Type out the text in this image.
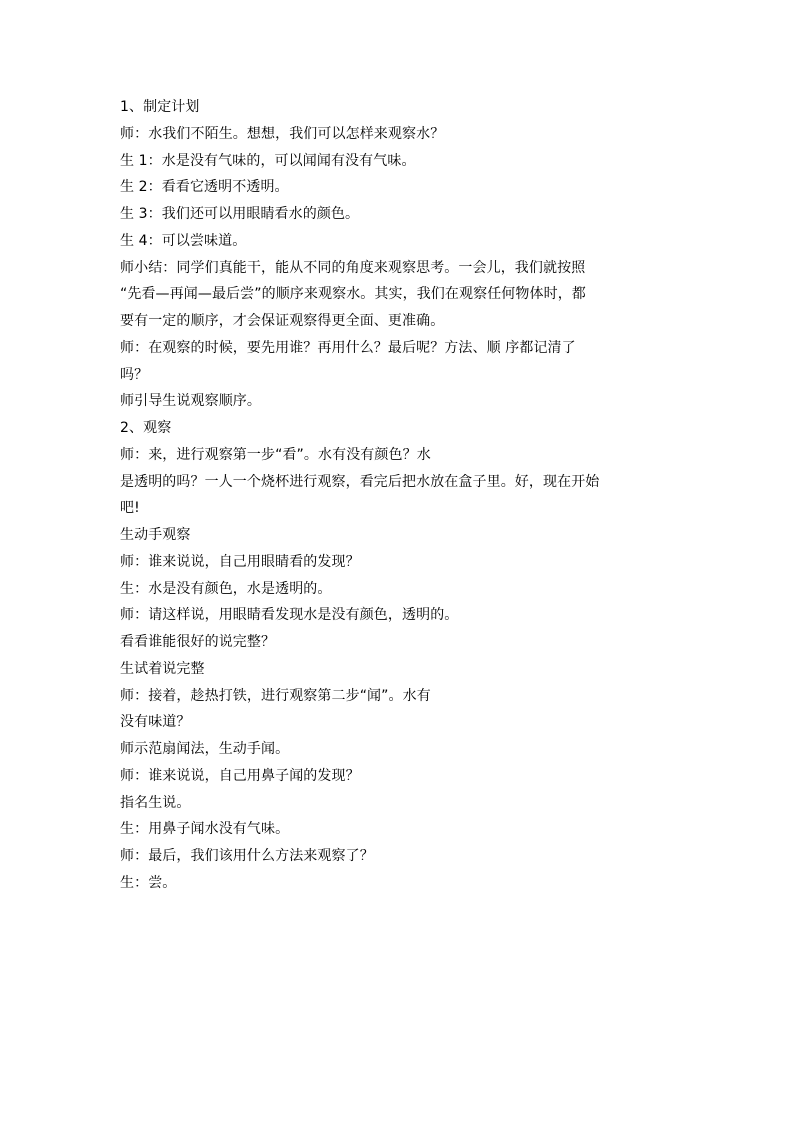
1、制定计划
师：水我们不陌生。想想，我们可以怎样来观察水？
生 1：水是没有气味的，可以闻闻有没有气味。
生 2：看看它透明不透明。
生 3：我们还可以用眼睛看水的颜色。
生 4：可以尝味道。
师小结：同学们真能干，能从不同的角度来观察思考。一会儿，我们就按照
“先看—再闻—最后尝”的顺序来观察水。其实，我们在观察任何物体时，都
要有一定的顺序，才会保证观察得更全面、更准确。
师：在观察的时候，要先用谁？再用什么？最后呢？方法、顺 序都记清了
吗？
师引导生说观察顺序。
2、观察
师：来，进行观察第一步“看”。水有没有颜色？水
是透明的吗？一人一个烧杯进行观察，看完后把水放在盒子里。好，现在开始
吧!
生动手观察
师：谁来说说，自己用眼睛看的发现？
生：水是没有颜色，水是透明的。
师：请这样说，用眼睛看发现水是没有颜色，透明的。
看看谁能很好的说完整？
生试着说完整
师：接着，趁热打铁，进行观察第二步“闻”。水有
没有味道？
师示范扇闻法，生动手闻。
师：谁来说说，自己用鼻子闻的发现？
指名生说。
生：用鼻子闻水没有气味。
师：最后，我们该用什么方法来观察了？
生：尝。
